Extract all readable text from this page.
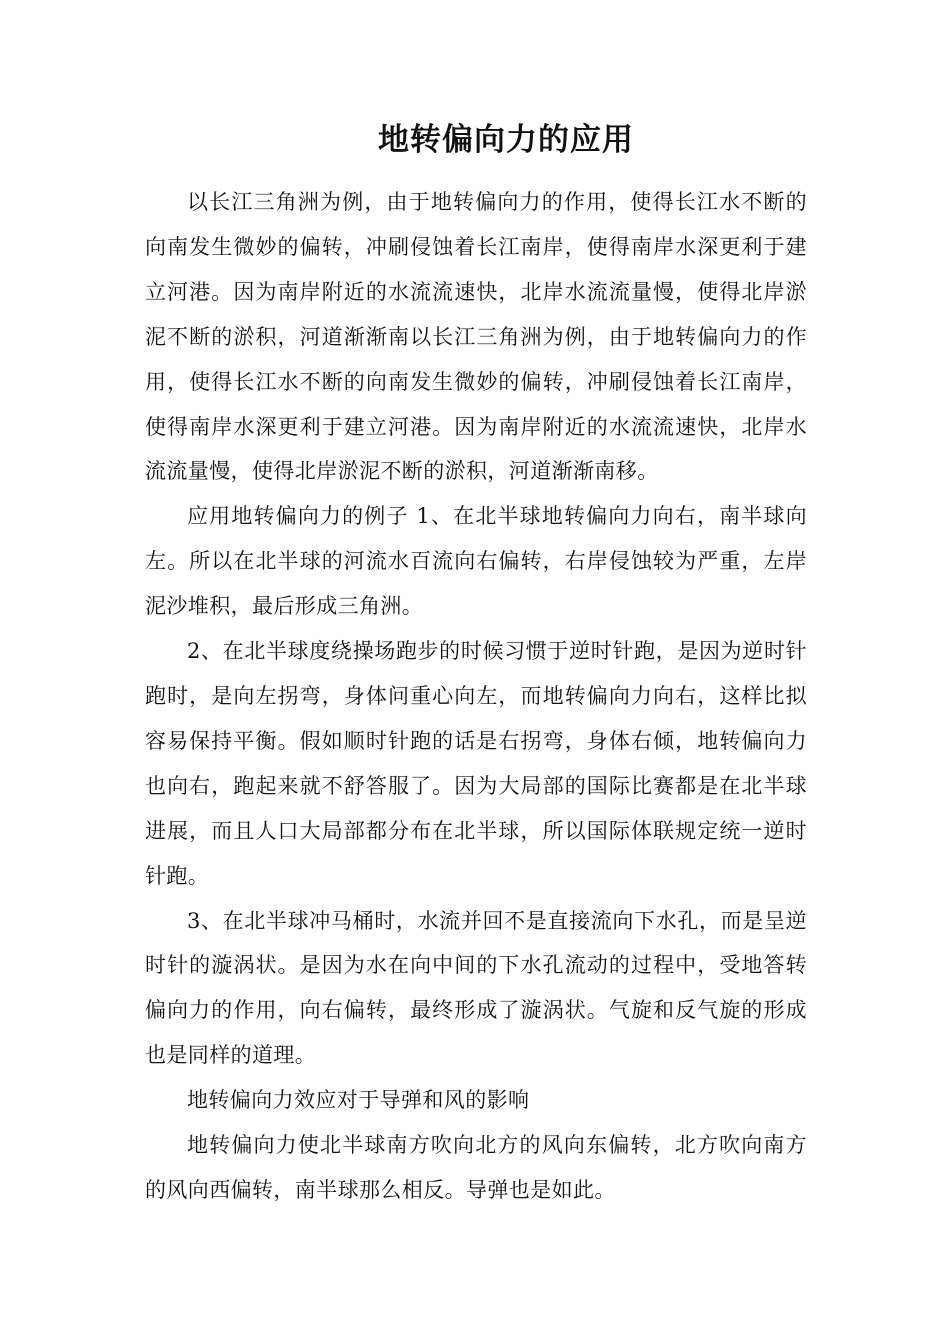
地转偏向力的应用

以长江三角洲为例，由于地转偏向力的作用，使得长江水不断的向南发生微妙的偏转，冲刷侵蚀着长江南岸，使得南岸水深更利于建立河港。因为南岸附近的水流流速快，北岸水流流量慢，使得北岸淤泥不断的淤积，河道渐渐南以长江三角洲为例，由于地转偏向力的作用，使得长江水不断的向南发生微妙的偏转，冲刷侵蚀着长江南岸，使得南岸水深更利于建立河港。因为南岸附近的水流流速快，北岸水流流量慢，使得北岸淤泥不断的淤积，河道渐渐南移。

应用地转偏向力的例子 1、在北半球地转偏向力向右，南半球向左。所以在北半球的河流水百流向右偏转，右岸侵蚀较为严重，左岸泥沙堆积，最后形成三角洲。

2、在北半球度绕操场跑步的时候习惯于逆时针跑，是因为逆时针跑时，是向左拐弯，身体问重心向左，而地转偏向力向右，这样比拟容易保持平衡。假如顺时针跑的话是右拐弯，身体右倾，地转偏向力也向右，跑起来就不舒答服了。因为大局部的国际比赛都是在北半球进展，而且人口大局部都分布在北半球，所以国际体联规定统一逆时针跑。

3、在北半球冲马桶时，水流并回不是直接流向下水孔，而是呈逆时针的漩涡状。是因为水在向中间的下水孔流动的过程中，受地答转偏向力的作用，向右偏转，最终形成了漩涡状。气旋和反气旋的形成也是同样的道理。

地转偏向力效应对于导弹和风的影响

地转偏向力使北半球南方吹向北方的风向东偏转，北方吹向南方的风向西偏转，南半球那么相反。导弹也是如此。
